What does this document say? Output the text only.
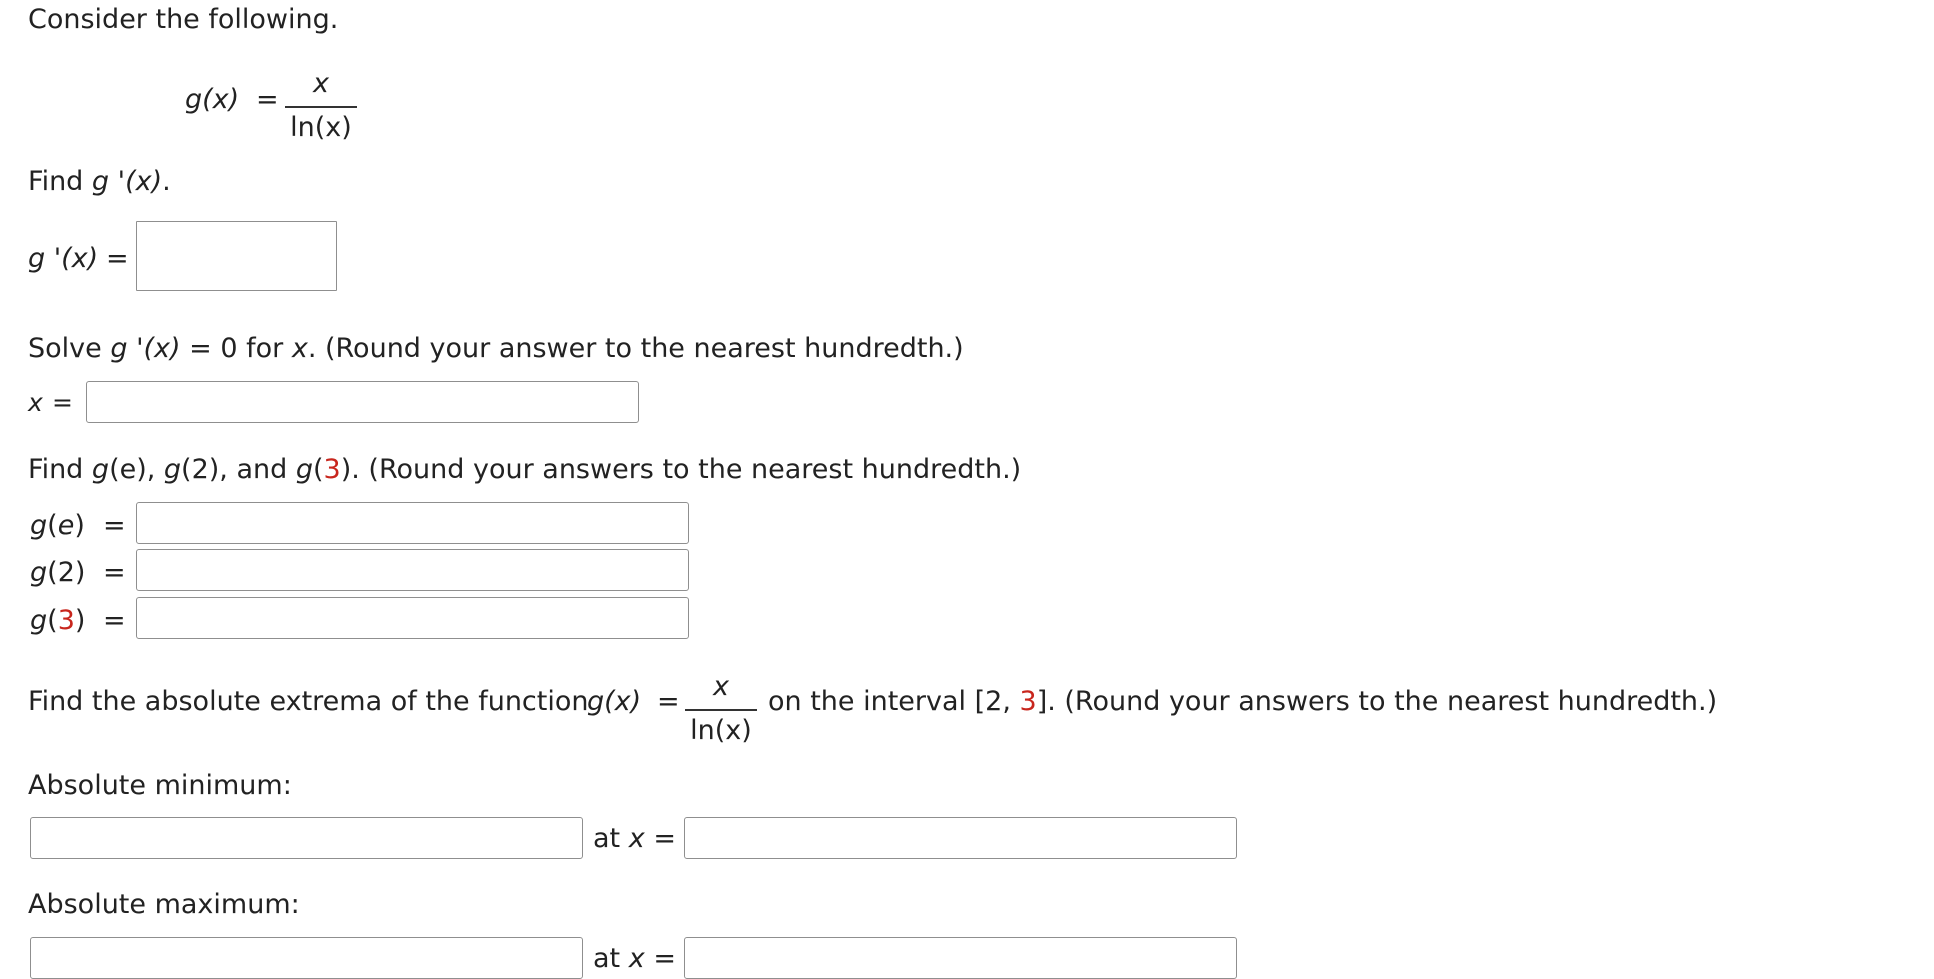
Consider the following.
g(x) =
x
ln(x)
Find g '(x).
g '(x) =
Solve g '(x) = 0 for x. (Round your answer to the nearest hundredth.)
x =
Find g(e), g(2), and g(3). (Round your answers to the nearest hundredth.)
g(e) =
g(2) =
g(3) =
Find the absolute extrema of the function
g(x) = x
ln(x)
on the interval [2, 3]. (Round your answers to the nearest hundredth.)
Absolute minimum:
at x =
Absolute maximum:
at x =
